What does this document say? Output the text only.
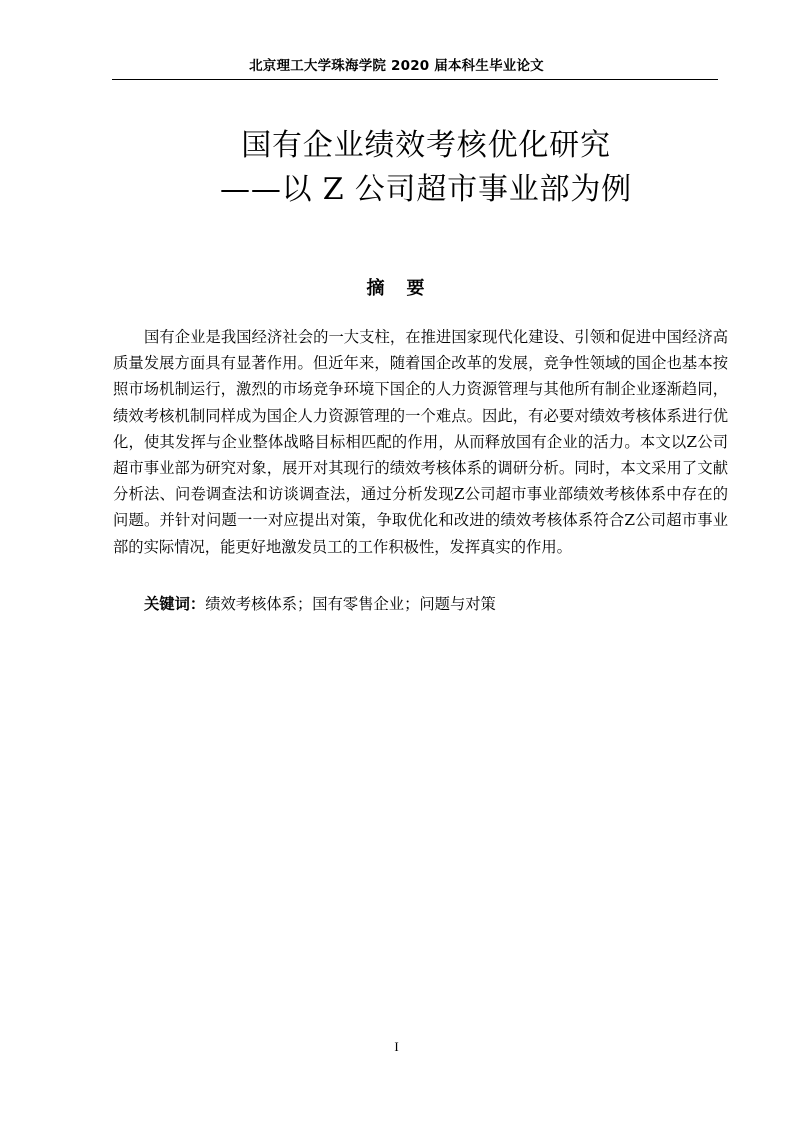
北京理工大学珠海学院 2020 届本科生毕业论文
国有企业绩效考核优化研究
——以 Z 公司超市事业部为例
摘　要

国有企业是我国经济社会的一大支柱，在推进国家现代化建设、引领和促进中国经济高质量发展方面具有显著作用。但近年来，随着国企改革的发展，竞争性领域的国企也基本按照市场机制运行，激烈的市场竞争环境下国企的人力资源管理与其他所有制企业逐渐趋同，绩效考核机制同样成为国企人力资源管理的一个难点。因此，有必要对绩效考核体系进行优化，使其发挥与企业整体战略目标相匹配的作用，从而释放国有企业的活力。本文以Z公司超市事业部为研究对象，展开对其现行的绩效考核体系的调研分析。同时，本文采用了文献分析法、问卷调查法和访谈调查法，通过分析发现Z公司超市事业部绩效考核体系中存在的问题。并针对问题一一对应提出对策，争取优化和改进的绩效考核体系符合Z公司超市事业部的实际情况，能更好地激发员工的工作积极性，发挥真实的作用。

关键词：绩效考核体系；国有零售企业；问题与对策
I
